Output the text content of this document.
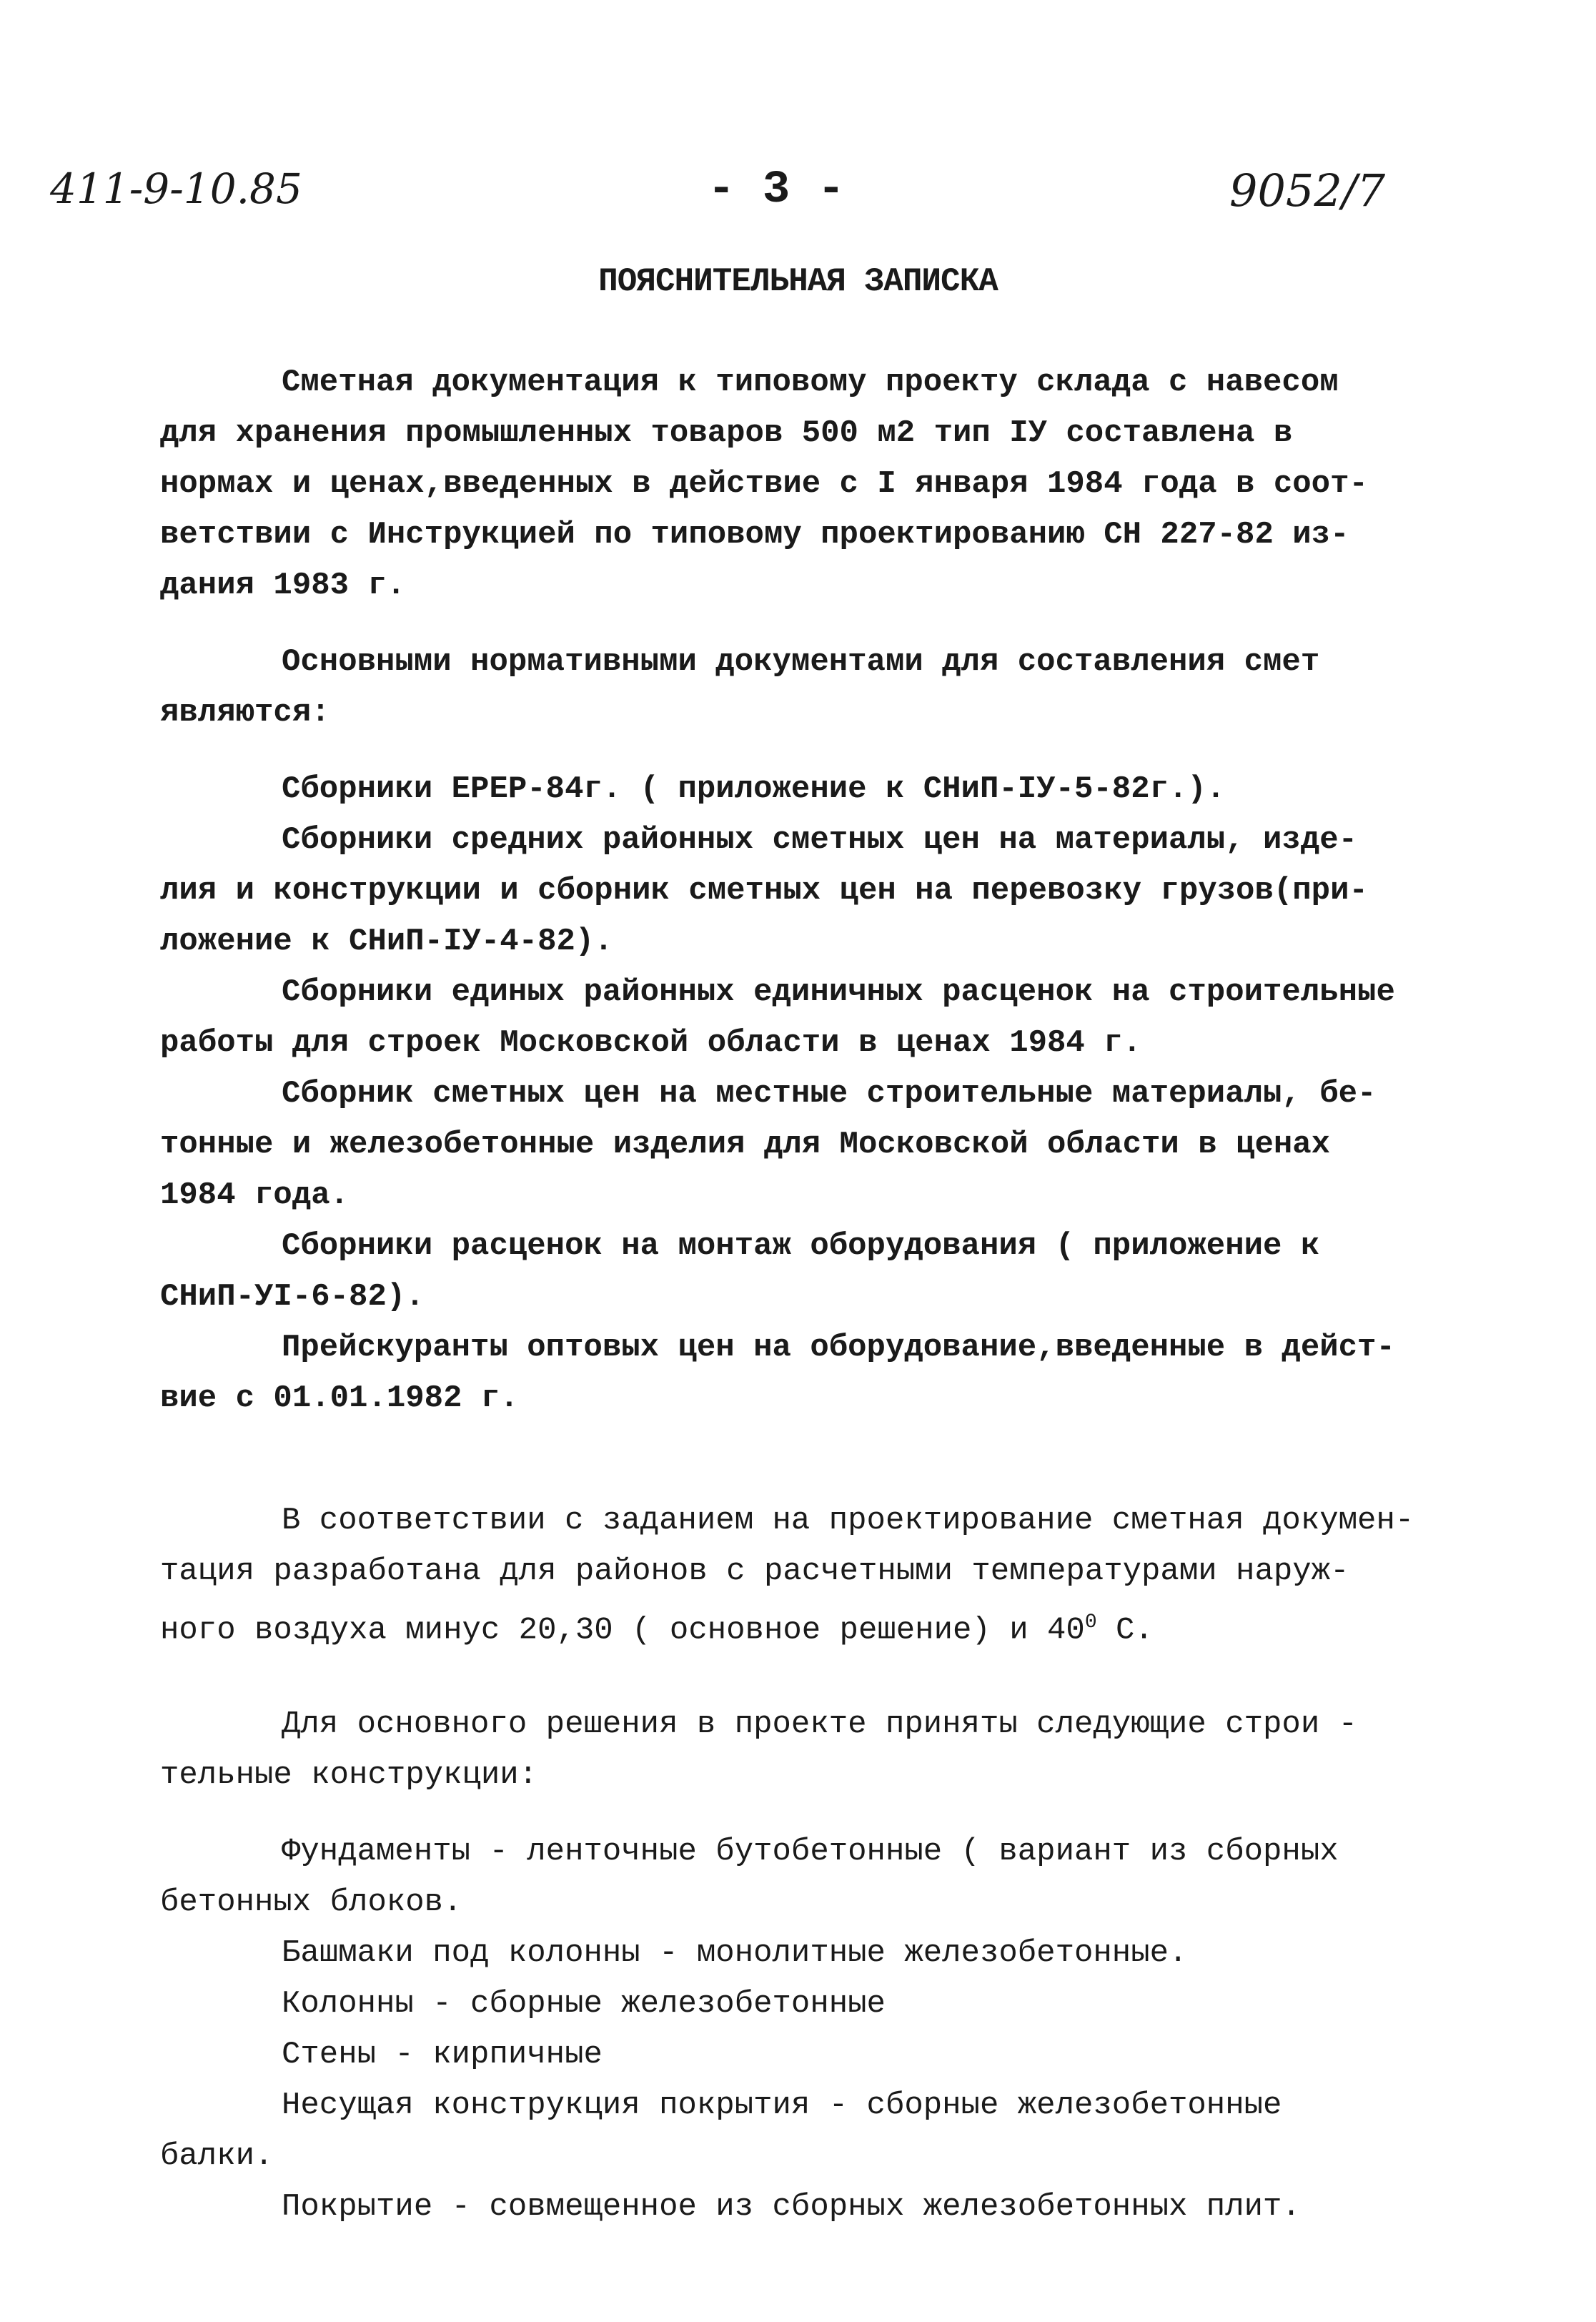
411-9-10.85	- 3 -	9052/7
ПОЯСНИТЕЛЬНАЯ ЗАПИСКА

Сметная документация к типовому проекту склада с навесом
для хранения промышленных товаров 500 м2 тип IУ составлена в
нормах и ценах,введенных в действие с I января 1984 года в соот-
ветствии с Инструкцией по типовому проектированию СН 227-82 из-
дания 1983 г.

Основными нормативными документами для составления смет
являются:

Сборники ЕРЕР-84г. ( приложение к СНиП-IУ-5-82г.).
Сборники средних районных сметных цен на материалы, изде-
лия и конструкции и сборник сметных цен на перевозку грузов(при-
ложение к СНиП-IУ-4-82).
Сборники единых районных единичных расценок на строительные
работы для строек Московской области в ценах 1984 г.
Сборник сметных цен на местные строительные материалы, бе-
тонные и железобетонные изделия для Московской области в ценах
1984 года.
Сборники расценок на монтаж оборудования ( приложение к
СНиП-УI-6-82).
Прейскуранты оптовых цен на оборудование,введенные в дейст-
вие с 01.01.1982 г.

В соответствии с заданием на проектирование сметная докумен-
тация разработана для районов с расчетными температурами наруж-
ного воздуха минус 20,30 ( основное решение) и $40^0$ С.

Для основного решения в проекте приняты следующие строи -
тельные конструкции:

Фундаменты - ленточные бутобетонные ( вариант из сборных
бетонных блоков.
Башмаки под колонны - монолитные железобетонные.
Колонны - сборные железобетонные
Стены - кирпичные
Несущая конструкция покрытия - сборные железобетонные
балки.
Покрытие - совмещенное из сборных железобетонных плит.
